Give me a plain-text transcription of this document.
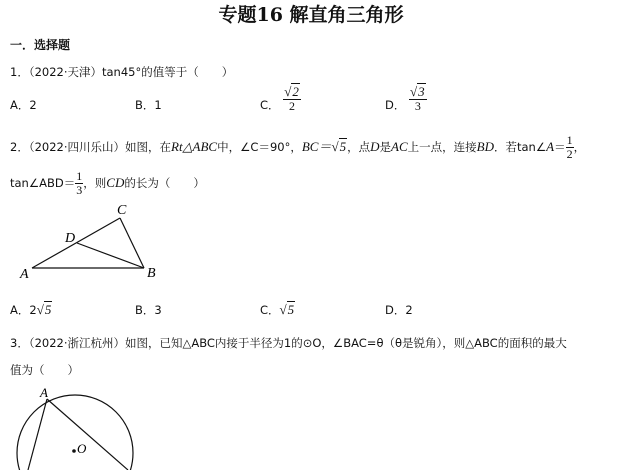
专题16 解直角三角形
一．选择题
1．（2022·天津）tan45°的值等于（　　）
A．2	B．1	C． $\frac{√2}{2}$	D． $\frac{√3}{3}$
2．（2022·四川乐山）如图，在Rt△ABC中，∠C＝90°，BC＝√5，点D是AC上一点，连接BD．若tan∠A＝ $\frac{1}{2}$ ，
tan∠ABD＝ $\frac{1}{3}$ ，则CD的长为（　　）
A	B
C
D
A．2√5	B．3	C．√5	D．2
3．（2022·浙江杭州）如图，已知△ABC内接于半径为1的⊙O，∠BAC=θ（θ是锐角），则△ABC的面积的最大
值为（　　）
A
O
